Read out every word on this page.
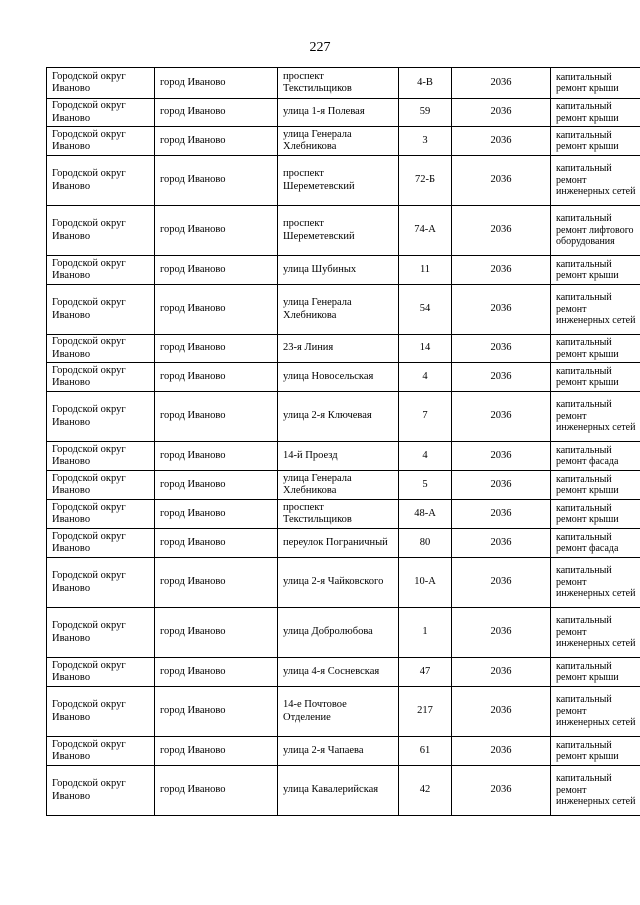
227
Городской округ Иваново	город Иваново	проспект Текстильщиков	4-В	2036	капитальный ремонт крыши
Городской округ Иваново	город Иваново	улица 1-я Полевая	59	2036	капитальный ремонт крыши
Городской округ Иваново	город Иваново	улица Генерала Хлебникова	3	2036	капитальный ремонт крыши
Городской округ Иваново	город Иваново	проспект Шереметевский	72-Б	2036	капитальный ремонт инженерных сетей
Городской округ Иваново	город Иваново	проспект Шереметевский	74-А	2036	капитальный ремонт лифтового оборудования
Городской округ Иваново	город Иваново	улица Шубиных	11	2036	капитальный ремонт крыши
Городской округ Иваново	город Иваново	улица Генерала Хлебникова	54	2036	капитальный ремонт инженерных сетей
Городской округ Иваново	город Иваново	23-я Линия	14	2036	капитальный ремонт крыши
Городской округ Иваново	город Иваново	улица Новосельская	4	2036	капитальный ремонт крыши
Городской округ Иваново	город Иваново	улица 2-я Ключевая	7	2036	капитальный ремонт инженерных сетей
Городской округ Иваново	город Иваново	14-й Проезд	4	2036	капитальный ремонт фасада
Городской округ Иваново	город Иваново	улица Генерала Хлебникова	5	2036	капитальный ремонт крыши
Городской округ Иваново	город Иваново	проспект Текстильщиков	48-А	2036	капитальный ремонт крыши
Городской округ Иваново	город Иваново	переулок Пограничный	80	2036	капитальный ремонт фасада
Городской округ Иваново	город Иваново	улица 2-я Чайковского	10-А	2036	капитальный ремонт инженерных сетей
Городской округ Иваново	город Иваново	улица Добролюбова	1	2036	капитальный ремонт инженерных сетей
Городской округ Иваново	город Иваново	улица 4-я Сосневская	47	2036	капитальный ремонт крыши
Городской округ Иваново	город Иваново	14-е Почтовое Отделение	217	2036	капитальный ремонт инженерных сетей
Городской округ Иваново	город Иваново	улица 2-я Чапаева	61	2036	капитальный ремонт крыши
Городской округ Иваново	город Иваново	улица Кавалерийская	42	2036	капитальный ремонт инженерных сетей
